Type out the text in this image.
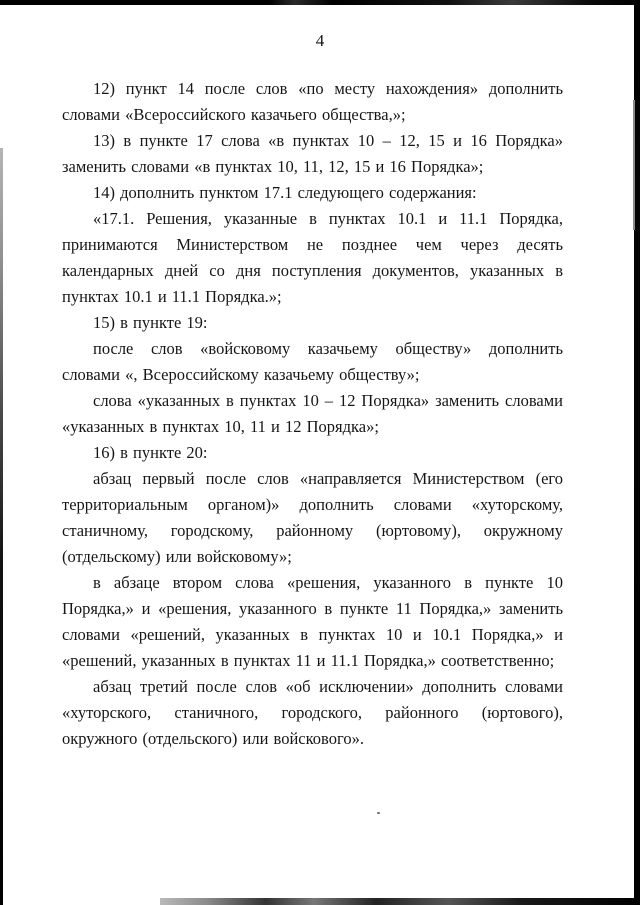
4

12) пункт 14 после слов «по месту нахождения» дополнить словами «Всероссийского казачьего общества,»;

13) в пункте 17 слова «в пунктах 10 – 12, 15 и 16 Порядка» заменить словами «в пунктах 10, 11, 12, 15 и 16 Порядка»;

14) дополнить пунктом 17.1 следующего содержания:

«17.1. Решения, указанные в пунктах 10.1 и 11.1 Порядка, принимаются Министерством не позднее чем через десять календарных дней со дня поступления документов, указанных в пунктах 10.1 и 11.1 Порядка.»;

15) в пункте 19:

после слов «войсковому казачьему обществу» дополнить словами «, Всероссийскому казачьему обществу»;

слова «указанных в пунктах 10 – 12 Порядка» заменить словами «указанных в пунктах 10, 11 и 12 Порядка»;

16) в пункте 20:

абзац первый после слов «направляется Министерством (его территориальным органом)» дополнить словами «хуторскому, станичному, городскому, районному (юртовому), окружному (отдельскому) или войсковому»;

в абзаце втором слова «решения, указанного в пункте 10 Порядка,» и «решения, указанного в пункте 11 Порядка,» заменить словами «решений, указанных в пунктах 10 и 10.1 Порядка,» и «решений, указанных в пунктах 11 и 11.1 Порядка,» соответственно;

абзац третий после слов «об исключении» дополнить словами «хуторского, станичного, городского, районного (юртового), окружного (отдельского) или войскового».
